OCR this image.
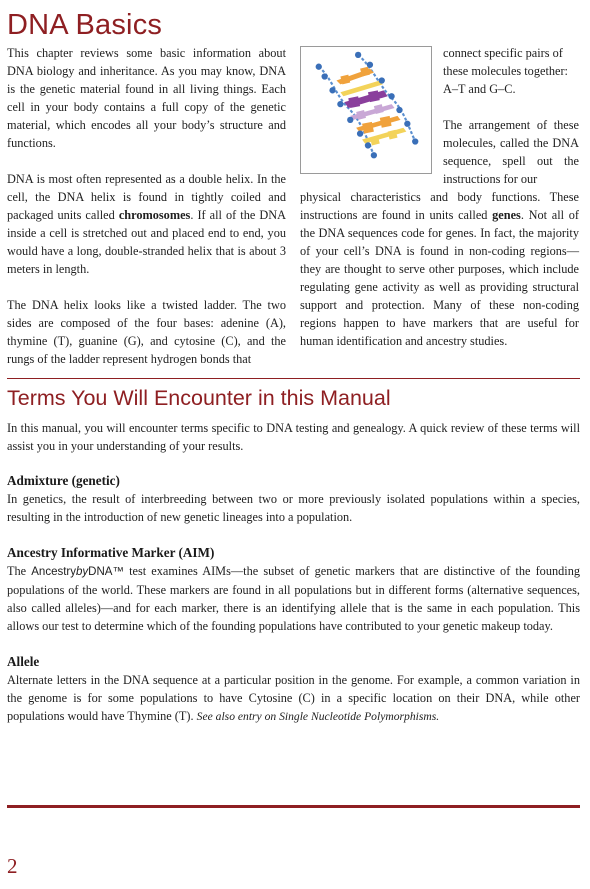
DNA Basics

This chapter reviews some basic information about DNA biology and inheritance. As you may know, DNA is the genetic material found in all living things. Each cell in your body contains a full copy of the genetic material, which encodes all your body’s structure and functions.

DNA is most often represented as a double helix. In the cell, the DNA helix is found in tightly coiled and packaged units called chromosomes. If all of the DNA inside a cell is stretched out and placed end to end, you would have a long, double-stranded helix that is about 3 meters in length.

The DNA helix looks like a twisted ladder. The two sides are composed of the four bases: adenine (A), thymine (T), guanine (G), and cytosine (C), and the rungs of the ladder represent hydrogen bonds that

connect specific pairs of these molecules together: A–T and G–C.

The arrangement of these molecules, called the DNA sequence, spell out the instructions for our

physical characteristics and body functions. These instructions are found in units called genes. Not all of the DNA sequences code for genes. In fact, the majority of your cell’s DNA is found in non-coding regions—they are thought to serve other purposes, which include regulating gene activity as well as providing structural support and protection. Many of these non-coding regions happen to have markers that are useful for human identification and ancestry studies.

Terms You Will Encounter in this Manual

In this manual, you will encounter terms specific to DNA testing and genealogy. A quick review of these terms will assist you in your understanding of your results.

Admixture (genetic)

In genetics, the result of interbreeding between two or more previously isolated populations within a species, resulting in the introduction of new genetic lineages into a population.

Ancestry Informative Marker (AIM)

The AncestrybyDNA™ test examines AIMs—the subset of genetic markers that are distinctive of the founding populations of the world. These markers are found in all populations but in different forms (alternative sequences, also called alleles)—and for each marker, there is an identifying allele that is the same in each population. This allows our test to determine which of the founding populations have contributed to your genetic makeup today.

Allele

Alternate letters in the DNA sequence at a particular position in the genome. For example, a common variation in the genome is for some populations to have Cytosine (C) in a specific location on their DNA, while other populations would have Thymine (T). See also entry on Single Nucleotide Polymorphisms.

2
